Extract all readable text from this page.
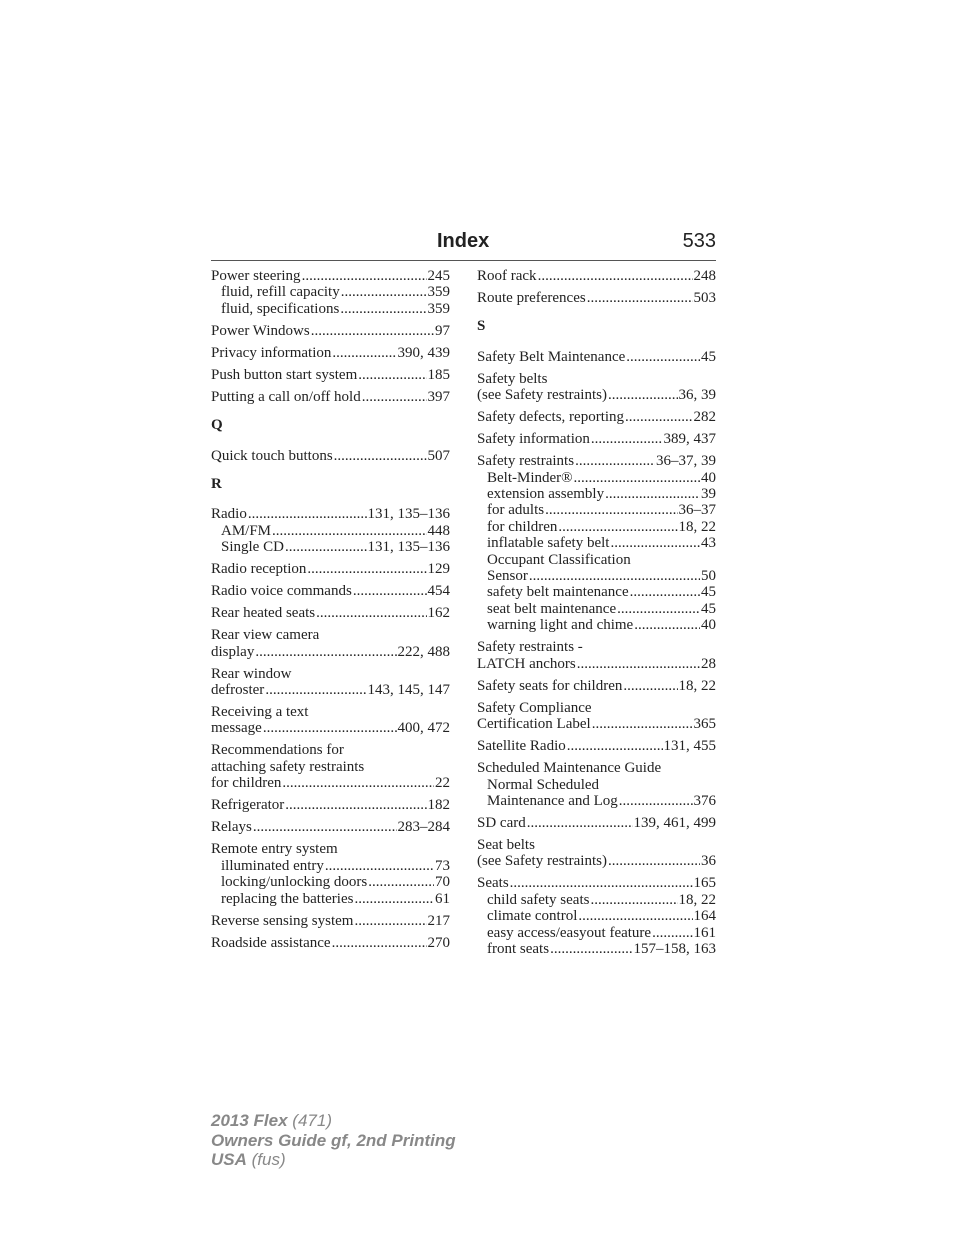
Index	533
Power steering .....	245
fluid, refill capacity .....	359
fluid, specifications .....	359
Power Windows .....	97
Privacy information .....	390, 439
Push button start system .....	185
Putting a call on/off hold .....	397
Q
Quick touch buttons .....	507
R
Radio .....	131, 135–136
AM/FM .....	448
Single CD .....	131, 135–136
Radio reception .....	129
Radio voice commands .....	454
Rear heated seats .....	162
Rear view camera
display .....	222, 488
Rear window
defroster .....	143, 145, 147
Receiving a text
message .....	400, 472
Recommendations for
attaching safety restraints
for children .....	22
Refrigerator .....	182
Relays .....	283–284
Remote entry system
illuminated entry .....	73
locking/unlocking doors .....	70
replacing the batteries .....	61
Reverse sensing system .....	217
Roadside assistance .....	270
Roof rack .....	248
Route preferences .....	503
S
Safety Belt Maintenance .....	45
Safety belts
(see Safety restraints) .....	36, 39
Safety defects, reporting .....	282
Safety information .....	389, 437
Safety restraints .....	36–37, 39
Belt-Minder® .....	40
extension assembly .....	39
for adults .....	36–37
for children .....	18, 22
inflatable safety belt .....	43
Occupant Classification
Sensor .....	50
safety belt maintenance .....	45
seat belt maintenance .....	45
warning light and chime .....	40
Safety restraints -
LATCH anchors .....	28
Safety seats for children .....	18, 22
Safety Compliance
Certification Label .....	365
Satellite Radio .....	131, 455
Scheduled Maintenance Guide
Normal Scheduled
Maintenance and Log .....	376
SD card .....	139, 461, 499
Seat belts
(see Safety restraints) .....	36
Seats .....	165
child safety seats .....	18, 22
climate control .....	164
easy access/easyout feature .....	161
front seats .....	157–158, 163
2013 Flex (471)
Owners Guide gf, 2nd Printing
USA (fus)
